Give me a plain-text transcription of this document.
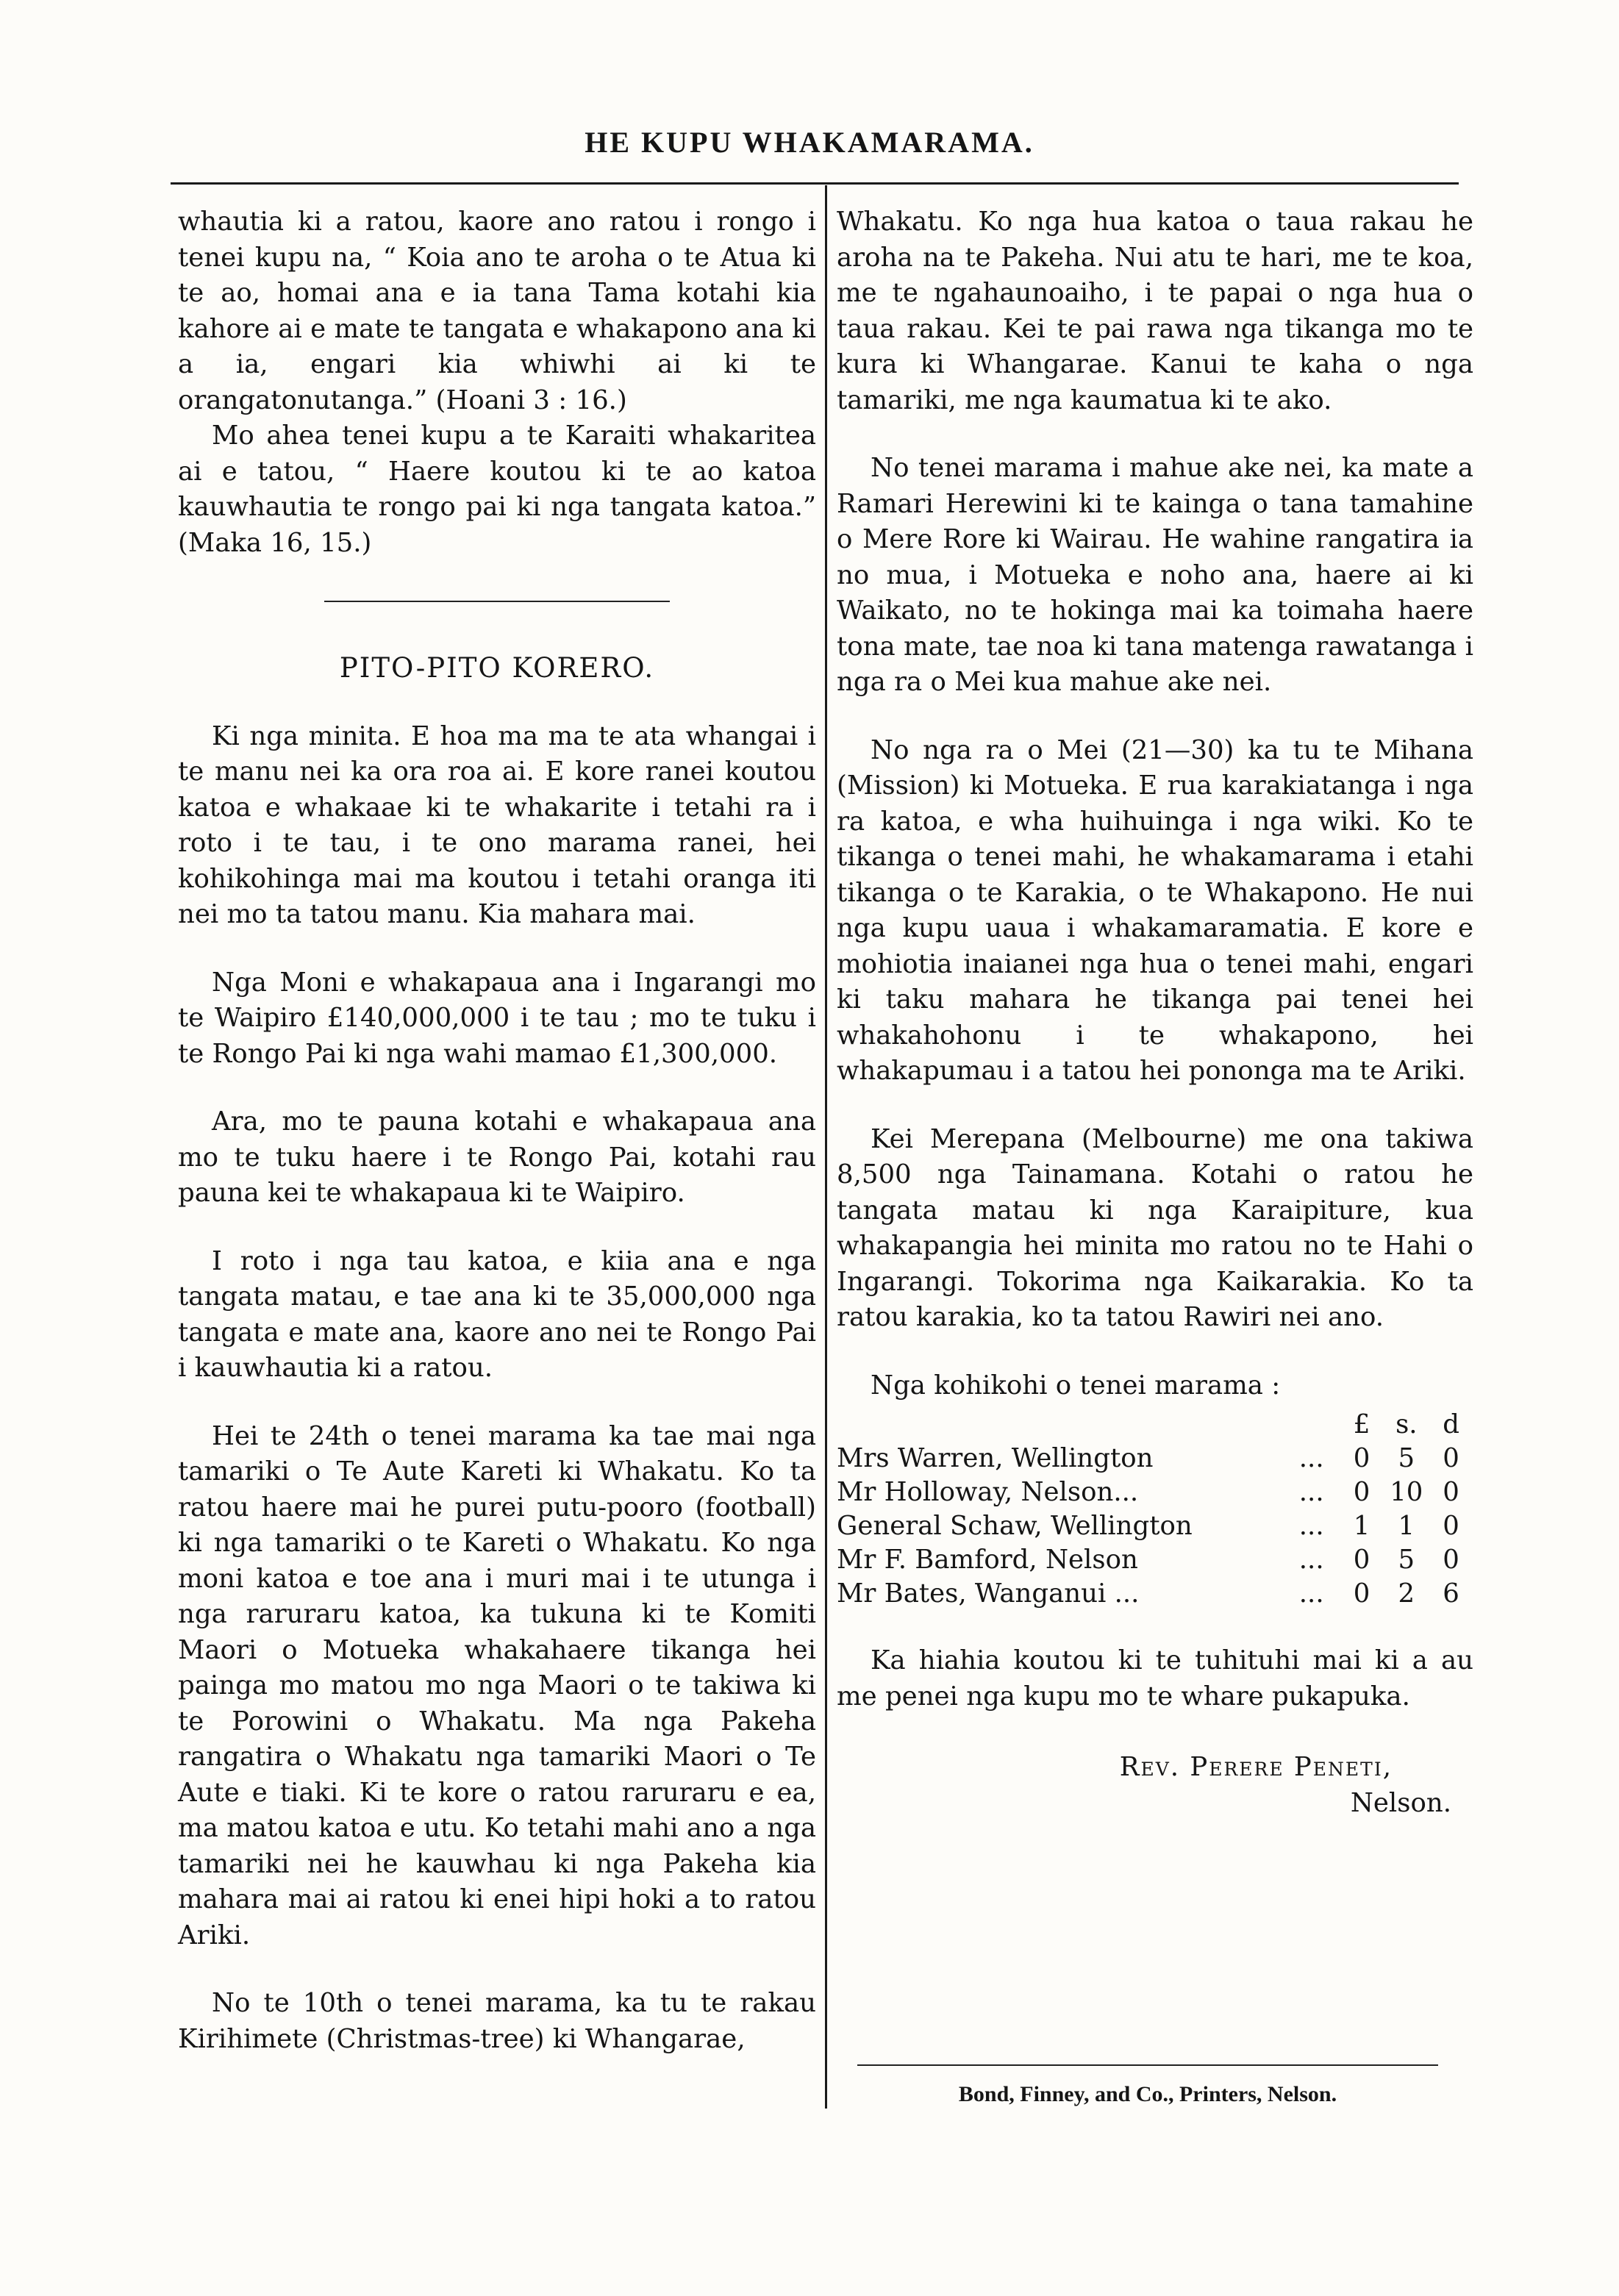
HE KUPU WHAKAMARAMA.

whautia ki a ratou, kaore ano ratou i rongo i tenei kupu na, “ Koia ano te aroha o te Atua ki te ao, homai ana e ia tana Tama kotahi kia kahore ai e mate te tangata e whakapono ana ki a ia, engari kia whiwhi ai ki te orangatonutanga.” (Hoani 3 : 16.)

Mo ahea tenei kupu a te Karaiti whakaritea ai e tatou, “ Haere koutou ki te ao katoa kauwhautia te rongo pai ki nga tangata katoa.” (Maka 16, 15.)

PITO-PITO KORERO.

Ki nga minita. E hoa ma ma te ata whangai i te manu nei ka ora roa ai. E kore ranei koutou katoa e whakaae ki te whakarite i tetahi ra i roto i te tau, i te ono marama ranei, hei kohikohinga mai ma koutou i tetahi oranga iti nei mo ta tatou manu. Kia mahara mai.

Nga Moni e whakapaua ana i Ingarangi mo te Waipiro £140,000,000 i te tau ; mo te tuku i te Rongo Pai ki nga wahi mamao £1,300,000.

Ara, mo te pauna kotahi e whakapaua ana mo te tuku haere i te Rongo Pai, kotahi rau pauna kei te whakapaua ki te Waipiro.

I roto i nga tau katoa, e kiia ana e nga tangata matau, e tae ana ki te 35,000,000 nga tangata e mate ana, kaore ano nei te Rongo Pai i kauwhautia ki a ratou.

Hei te 24th o tenei marama ka tae mai nga tamariki o Te Aute Kareti ki Whakatu. Ko ta ratou haere mai he purei putu-pooro (football) ki nga tamariki o te Kareti o Whakatu. Ko nga moni katoa e toe ana i muri mai i te utunga i nga raruraru katoa, ka tukuna ki te Komiti Maori o Motueka whakahaere tikanga hei painga mo matou mo nga Maori o te takiwa ki te Porowini o Whakatu. Ma nga Pakeha rangatira o Whakatu nga tamariki Maori o Te Aute e tiaki. Ki te kore o ratou raruraru e ea, ma matou katoa e utu. Ko tetahi mahi ano a nga tamariki nei he kauwhau ki nga Pakeha kia mahara mai ai ratou ki enei hipi hoki a to ratou Ariki.

No te 10th o tenei marama, ka tu te rakau Kirihimete (Christmas-tree) ki Whangarae,

Whakatu. Ko nga hua katoa o taua rakau he aroha na te Pakeha. Nui atu te hari, me te koa, me te ngahaunoaiho, i te papai o nga hua o taua rakau. Kei te pai rawa nga tikanga mo te kura ki Whangarae. Kanui te kaha o nga tamariki, me nga kaumatua ki te ako.

No tenei marama i mahue ake nei, ka mate a Ramari Herewini ki te kainga o tana tamahine o Mere Rore ki Wairau. He wahine rangatira ia no mua, i Motueka e noho ana, haere ai ki Waikato, no te hokinga mai ka toimaha haere tona mate, tae noa ki tana matenga rawatanga i nga ra o Mei kua mahue ake nei.

No nga ra o Mei (21—30) ka tu te Mihana (Mission) ki Motueka. E rua karakiatanga i nga ra katoa, e wha huihuinga i nga wiki. Ko te tikanga o tenei mahi, he whakamarama i etahi tikanga o te Karakia, o te Whakapono. He nui nga kupu uaua i whakamaramatia. E kore e mohiotia inaianei nga hua o tenei mahi, engari ki taku mahara he tikanga pai tenei hei whakahohonu i te whakapono, hei whakapumau i a tatou hei pononga ma te Ariki.

Kei Merepana (Melbourne) me ona takiwa 8,500 nga Tainamana. Kotahi o ratou he tangata matau ki nga Karaipiture, kua whakapangia hei minita mo ratou no te Hahi o Ingarangi. Tokorima nga Kaikarakia. Ko ta ratou karakia, ko ta tatou Rawiri nei ano.

Nga kohikohi o tenei marama :

		£	s.	d
Mrs Warren, Wellington	...	0	5	0
Mr Holloway, Nelson...	...	0	10	0
General Schaw, Wellington	...	1	1	0
Mr F. Bamford, Nelson	...	0	5	0
Mr Bates, Wanganui ...	...	0	2	6

Ka hiahia koutou ki te tuhituhi mai ki a au me penei nga kupu mo te whare pukapuka.

Rev. Perere Peneti,
Nelson.
Bond, Finney, and Co., Printers, Nelson.
